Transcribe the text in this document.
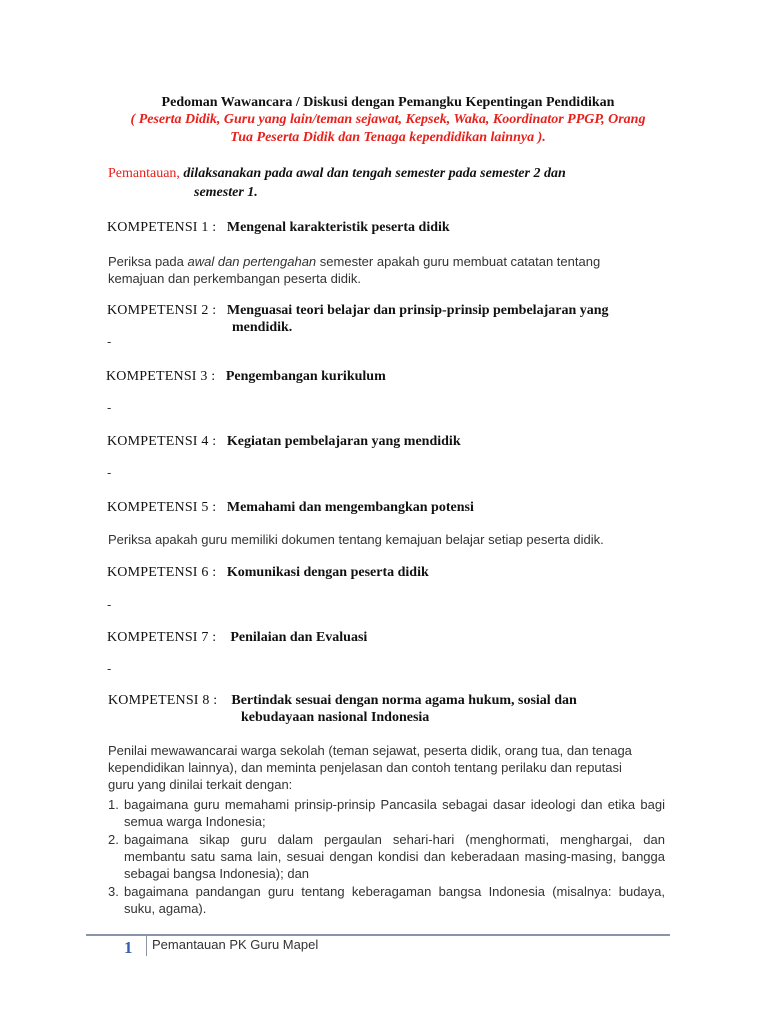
Pedoman Wawancara / Diskusi dengan Pemangku Kepentingan Pendidikan
( Peserta Didik, Guru yang lain/teman sejawat, Kepsek, Waka, Koordinator PPGP, Orang
Tua Peserta Didik dan Tenaga kependidikan lainnya ).
Pemantauan, dilaksanakan pada awal dan tengah semester pada semester 2 dan
semester 1.
KOMPETENSI 1 : Mengenal karakteristik peserta didik
Periksa pada awal dan pertengahan semester apakah guru membuat catatan tentang
kemajuan dan perkembangan peserta didik.
KOMPETENSI 2 : Menguasai teori belajar dan prinsip-prinsip pembelajaran yang
mendidik.
-
KOMPETENSI 3 : Pengembangan kurikulum
-
KOMPETENSI 4 : Kegiatan pembelajaran yang mendidik
-
KOMPETENSI 5 : Memahami dan mengembangkan potensi
Periksa apakah guru memiliki dokumen tentang kemajuan belajar setiap peserta didik.
KOMPETENSI 6 : Komunikasi dengan peserta didik
-
KOMPETENSI 7 : Penilaian dan Evaluasi
-
KOMPETENSI 8 : Bertindak sesuai dengan norma agama hukum, sosial dan
kebudayaan nasional Indonesia
Penilai mewawancarai warga sekolah (teman sejawat, peserta didik, orang tua, dan tenaga
kependidikan lainnya), dan meminta penjelasan dan contoh tentang perilaku dan reputasi
guru yang dinilai terkait dengan:
1. bagaimana guru memahami prinsip-prinsip Pancasila sebagai dasar ideologi dan etika bagi semua warga Indonesia;
2. bagaimana sikap guru dalam pergaulan sehari-hari (menghormati, menghargai, dan membantu satu sama lain, sesuai dengan kondisi dan keberadaan masing-masing, bangga sebagai bangsa Indonesia); dan
3. bagaimana pandangan guru tentang keberagaman bangsa Indonesia (misalnya: budaya, suku, agama).
1 Pemantauan PK Guru Mapel
